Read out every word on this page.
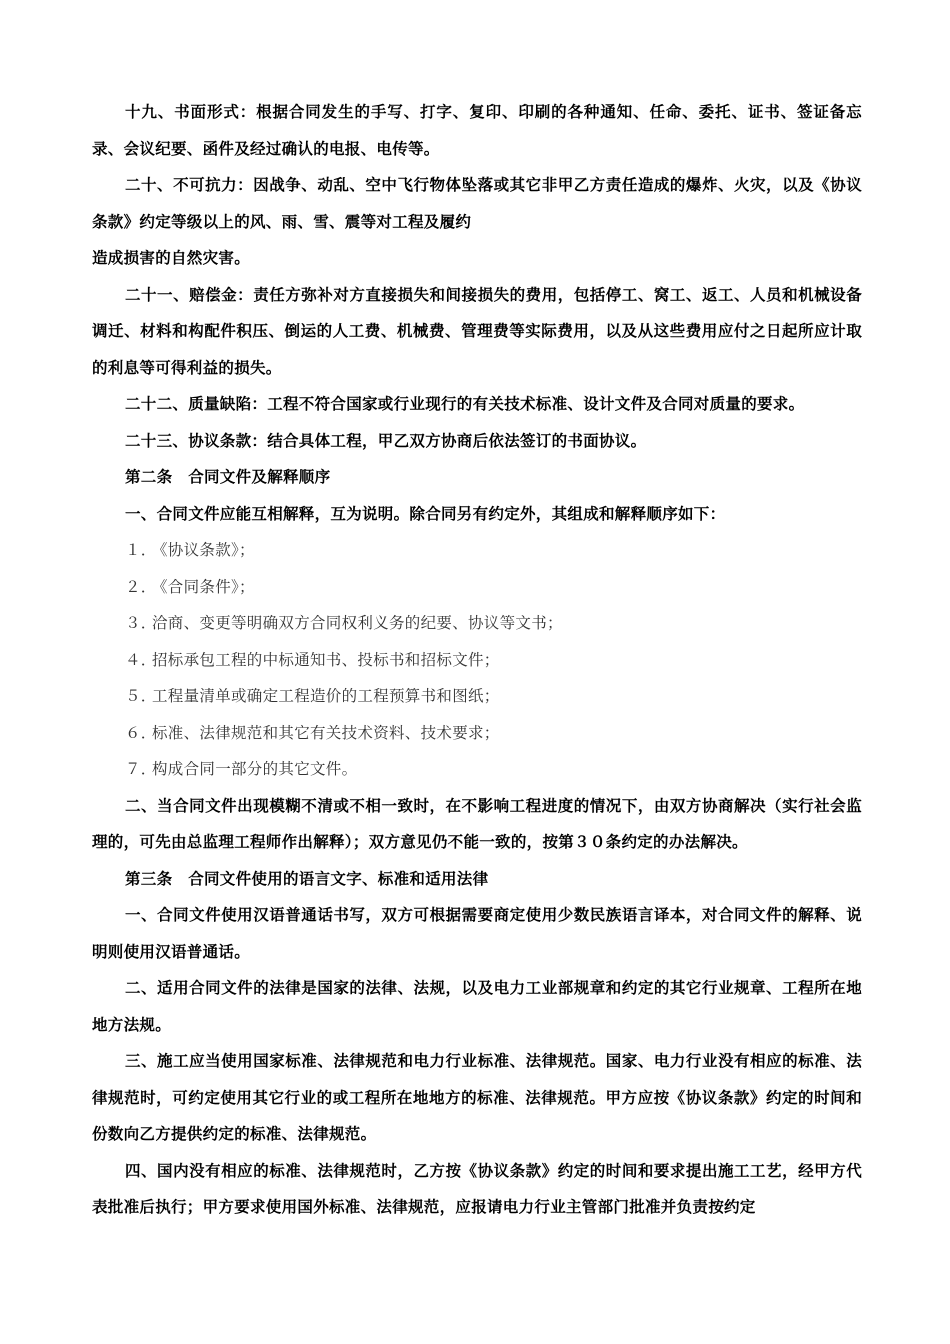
十九、书面形式：根据合同发生的手写、打字、复印、印刷的各种通知、任命、委托、证书、签证备忘录、会议纪要、函件及经过确认的电报、电传等。

二十、不可抗力：因战争、动乱、空中飞行物体坠落或其它非甲乙方责任造成的爆炸、火灾，以及《协议条款》约定等级以上的风、雨、雪、震等对工程及履约

造成损害的自然灾害。

二十一、赔偿金：责任方弥补对方直接损失和间接损失的费用，包括停工、窝工、返工、人员和机械设备调迁、材料和构配件积压、倒运的人工费、机械费、管理费等实际费用，以及从这些费用应付之日起所应计取的利息等可得利益的损失。

二十二、质量缺陷：工程不符合国家或行业现行的有关技术标准、设计文件及合同对质量的要求。

二十三、协议条款：结合具体工程，甲乙双方协商后依法签订的书面协议。

第二条　合同文件及解释顺序

一、合同文件应能互相解释，互为说明。除合同另有约定外，其组成和解释顺序如下：

１．《协议条款》；

２．《合同条件》；

３．洽商、变更等明确双方合同权利义务的纪要、协议等文书；

４．招标承包工程的中标通知书、投标书和招标文件；

５．工程量清单或确定工程造价的工程预算书和图纸；

６．标准、法律规范和其它有关技术资料、技术要求；

７．构成合同一部分的其它文件。

二、当合同文件出现模糊不清或不相一致时，在不影响工程进度的情况下，由双方协商解决（实行社会监理的，可先由总监理工程师作出解释）；双方意见仍不能一致的，按第３０条约定的办法解决。

第三条　合同文件使用的语言文字、标准和适用法律

一、合同文件使用汉语普通话书写，双方可根据需要商定使用少数民族语言译本，对合同文件的解释、说明则使用汉语普通话。

二、适用合同文件的法律是国家的法律、法规，以及电力工业部规章和约定的其它行业规章、工程所在地地方法规。

三、施工应当使用国家标准、法律规范和电力行业标准、法律规范。国家、电力行业没有相应的标准、法律规范时，可约定使用其它行业的或工程所在地地方的标准、法律规范。甲方应按《协议条款》约定的时间和份数向乙方提供约定的标准、法律规范。

四、国内没有相应的标准、法律规范时，乙方按《协议条款》约定的时间和要求提出施工工艺，经甲方代表批准后执行；甲方要求使用国外标准、法律规范，应报请电力行业主管部门批准并负责按约定
